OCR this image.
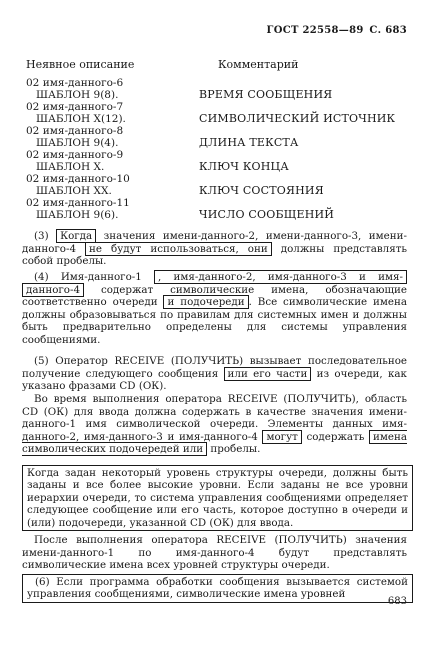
ГОСТ 22558—89 С. 683
Неявное описание	Комментарий
02 имя-данного-6
ШАБЛОН 9(8).	ВРЕМЯ СООБЩЕНИЯ
02 имя-данного-7
ШАБЛОН X(12).	СИМВОЛИЧЕСКИЙ ИСТОЧНИК
02 имя-данного-8
ШАБЛОН 9(4).	ДЛИНА ТЕКСТА
02 имя-данного-9
ШАБЛОН X.	КЛЮЧ КОНЦА
02 имя-данного-10
ШАБЛОН XX.	КЛЮЧ СОСТОЯНИЯ
02 имя-данного-11
ШАБЛОН 9(6).	ЧИСЛО СООБЩЕНИЙ

(3) Когда значения имени-данного-2, имени-данного-3, имени-данного-4 не будут использоваться, они должны представлять собой пробелы.

(4) Имя-данного-1 , имя-данного-2, имя-данного-3 и имя- данного-4 содержат символические имена, обозначающие соответственно очереди и подочереди . Все символические имена должны образовываться по правилам для системных имен и должны быть предварительно определены для системы управления сообщениями.

(5) Оператор RECEIVE (ПОЛУЧИТЬ) вызывает последовательное получение следующего сообщения или его части из очереди, как указано фразами CD (ОК).

Во время выполнения оператора RECEIVE (ПОЛУЧИТЬ), область CD (ОК) для ввода должна содержать в качестве значения имени-данного-1 имя символической очереди. Элементы данных имя-данного-2, имя-данного-3 и имя-данного-4 могут содержать имена символических подочередей или пробелы.

Когда задан некоторый уровень структуры очереди, должны быть заданы и все более высокие уровни. Если заданы не все уровни иерархии очереди, то система управления сообщениями определяет следующее сообщение или его часть, которое доступно в очереди и (или) подочереди, указанной CD (ОК) для ввода.

После выполнения оператора RECEIVE (ПОЛУЧИТЬ) значения имени-данного-1 по имя-данного-4 будут представлять символические имена всех уровней структуры очереди.

(6) Если программа обработки сообщения вызывается системой управления сообщениями, символические имена уровней
683
